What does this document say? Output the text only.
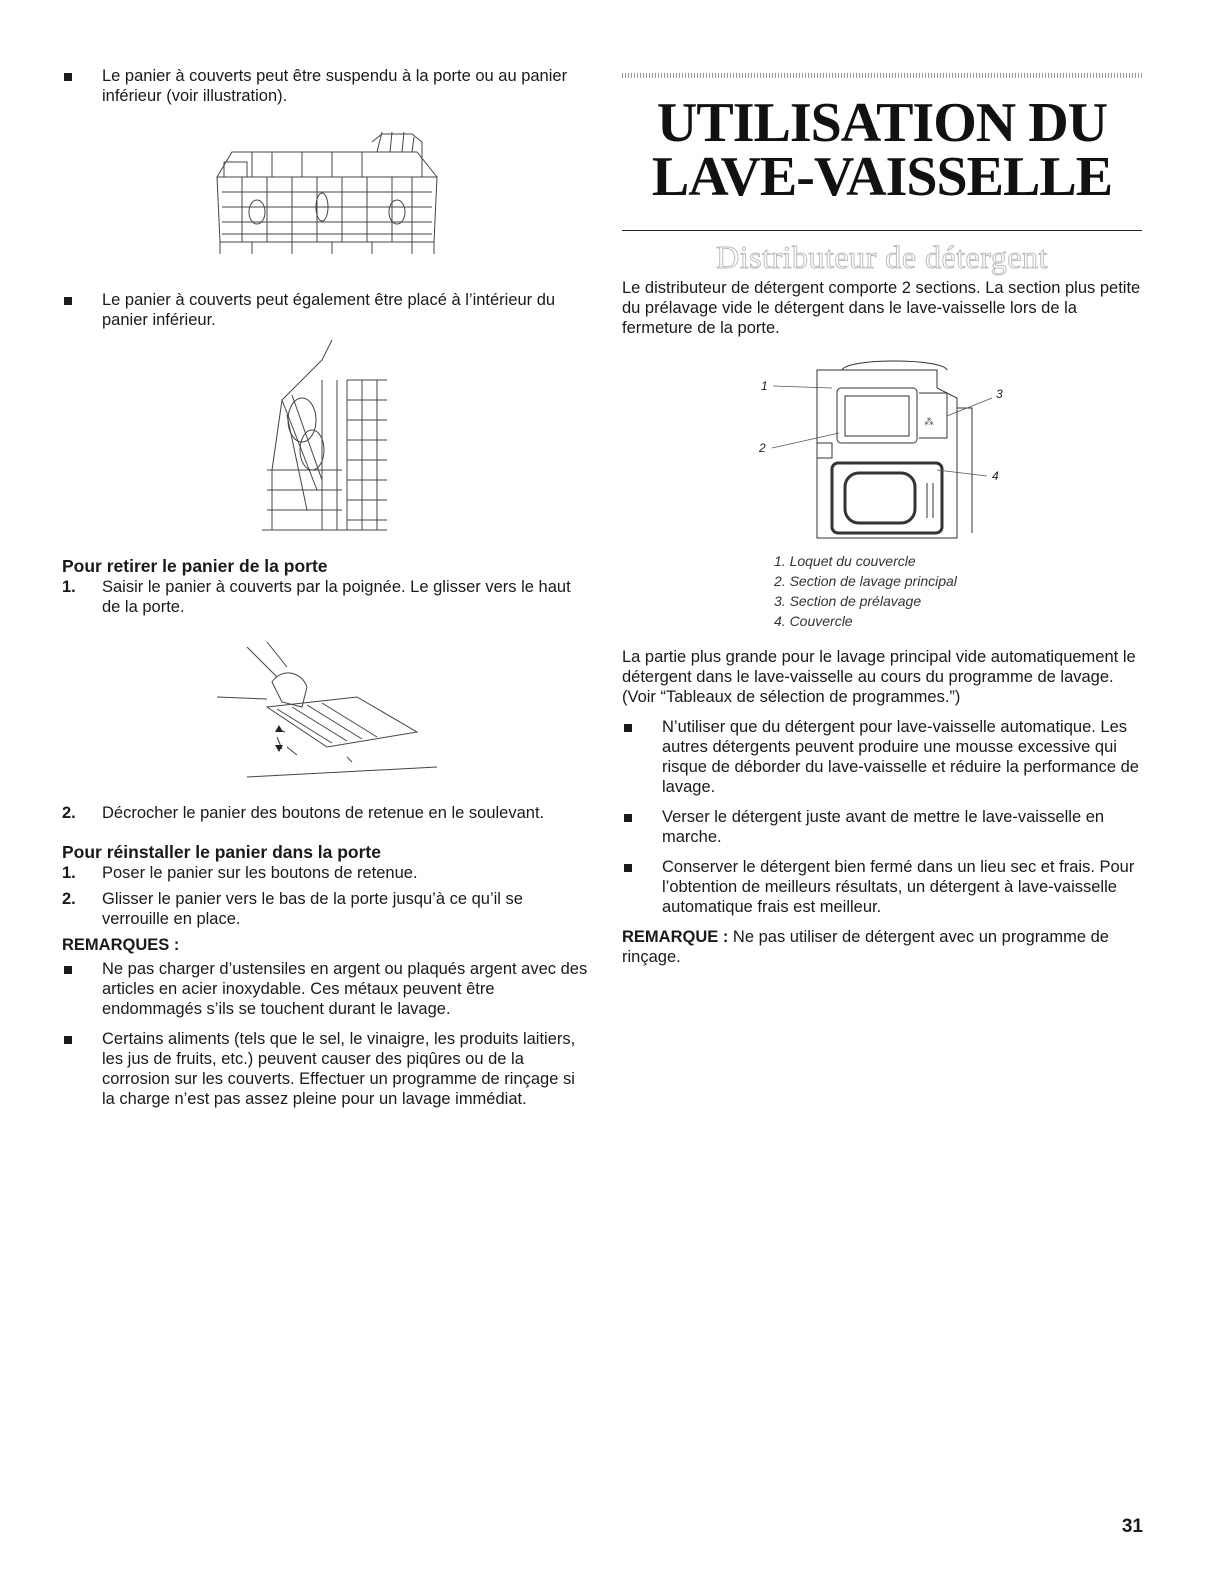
Le panier à couverts peut être suspendu à la porte ou au panier inférieur (voir illustration).

Le panier à couverts peut également être placé à l’intérieur du panier inférieur.

Pour retirer le panier de la porte

1. Saisir le panier à couverts par la poignée. Le glisser vers le haut de la porte.

2. Décrocher le panier des boutons de retenue en le soulevant.

Pour réinstaller le panier dans la porte

1. Poser le panier sur les boutons de retenue.

2. Glisser le panier vers le bas de la porte jusqu’à ce qu’il se verrouille en place.

REMARQUES :

Ne pas charger d’ustensiles en argent ou plaqués argent avec des articles en acier inoxydable. Ces métaux peuvent être endommagés s’ils se touchent durant le lavage.

Certains aliments (tels que le sel, le vinaigre, les produits laitiers, les jus de fruits, etc.) peuvent causer des piqûres ou de la corrosion sur les couverts. Effectuer un programme de rinçage si la charge n’est pas assez pleine pour un lavage immédiat.

UTILISATION DU
LAVE-VAISSELLE
Distributeur de détergent

Le distributeur de détergent comporte 2 sections. La section plus petite du prélavage vide le détergent dans le lave-vaisselle lors de la fermeture de la porte.

⁂
1
2
3
4
1. Loquet du couvercle
2. Section de lavage principal
3. Section de prélavage
4. Couvercle

La partie plus grande pour le lavage principal vide automatiquement le détergent dans le lave-vaisselle au cours du programme de lavage. (Voir “Tableaux de sélection de programmes.”)

N’utiliser que du détergent pour lave-vaisselle automatique. Les autres détergents peuvent produire une mousse excessive qui risque de déborder du lave-vaisselle et réduire la performance de lavage.

Verser le détergent juste avant de mettre le lave-vaisselle en marche.

Conserver le détergent bien fermé dans un lieu sec et frais. Pour l’obtention de meilleurs résultats, un détergent à lave-vaisselle automatique frais est meilleur.

REMARQUE : Ne pas utiliser de détergent avec un programme de rinçage.

31
